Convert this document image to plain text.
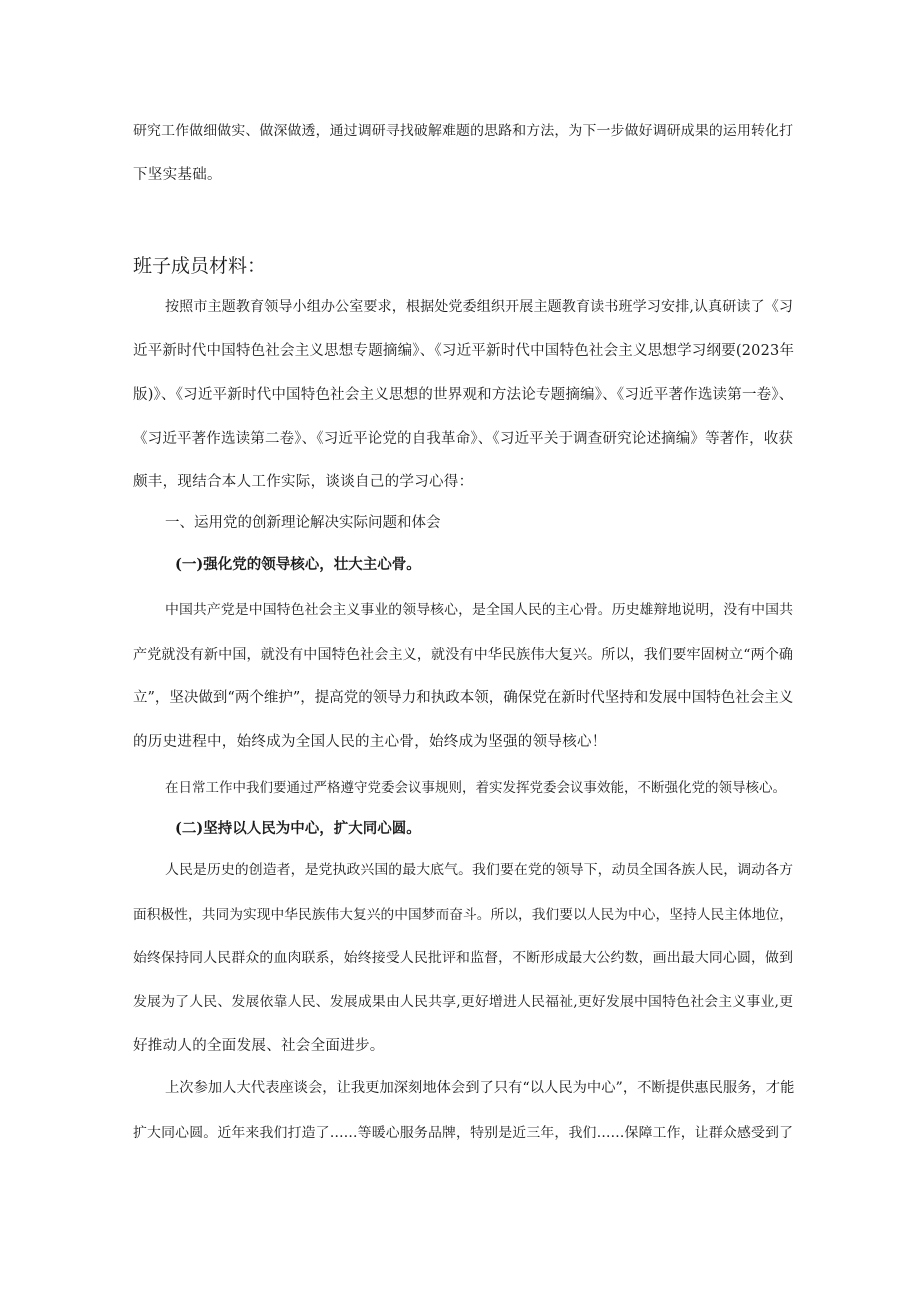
研究工作做细做实、做深做透，通过调研寻找破解难题的思路和方法，为下一步做好调研成果的运用转化打
下坚实基础。
班子成员材料：
按照市主题教育领导小组办公室要求，根据处党委组织开展主题教育读书班学习安排,认真研读了《习
近平新时代中国特色社会主义思想专题摘编》、《习近平新时代中国特色社会主义思想学习纲要(2023年
版)》、《习近平新时代中国特色社会主义思想的世界观和方法论专题摘编》、《习近平著作选读第一卷》、
《习近平著作选读第二卷》、《习近平论党的自我革命》、《习近平关于调查研究论述摘编》等著作，收获
颇丰，现结合本人工作实际，谈谈自己的学习心得：
一、运用党的创新理论解决实际问题和体会
(一)强化党的领导核心，壮大主心骨。
中国共产党是中国特色社会主义事业的领导核心，是全国人民的主心骨。历史雄辩地说明，没有中国共
产党就没有新中国，就没有中国特色社会主义，就没有中华民族伟大复兴。所以，我们要牢固树立“两个确
立”，坚决做到“两个维护”，提高党的领导力和执政本领，确保党在新时代坚持和发展中国特色社会主义
的历史进程中，始终成为全国人民的主心骨，始终成为坚强的领导核心！
在日常工作中我们要通过严格遵守党委会议事规则，着实发挥党委会议事效能，不断强化党的领导核心。
(二)坚持以人民为中心，扩大同心圆。
人民是历史的创造者，是党执政兴国的最大底气。我们要在党的领导下，动员全国各族人民，调动各方
面积极性，共同为实现中华民族伟大复兴的中国梦而奋斗。所以，我们要以人民为中心，坚持人民主体地位，
始终保持同人民群众的血肉联系，始终接受人民批评和监督，不断形成最大公约数，画出最大同心圆，做到
发展为了人民、发展依靠人民、发展成果由人民共享,更好增进人民福祉,更好发展中国特色社会主义事业,更
好推动人的全面发展、社会全面进步。
上次参加人大代表座谈会，让我更加深刻地体会到了只有“以人民为中心”，不断提供惠民服务，才能
扩大同心圆。近年来我们打造了……等暖心服务品牌，特别是近三年，我们……保障工作，让群众感受到了
